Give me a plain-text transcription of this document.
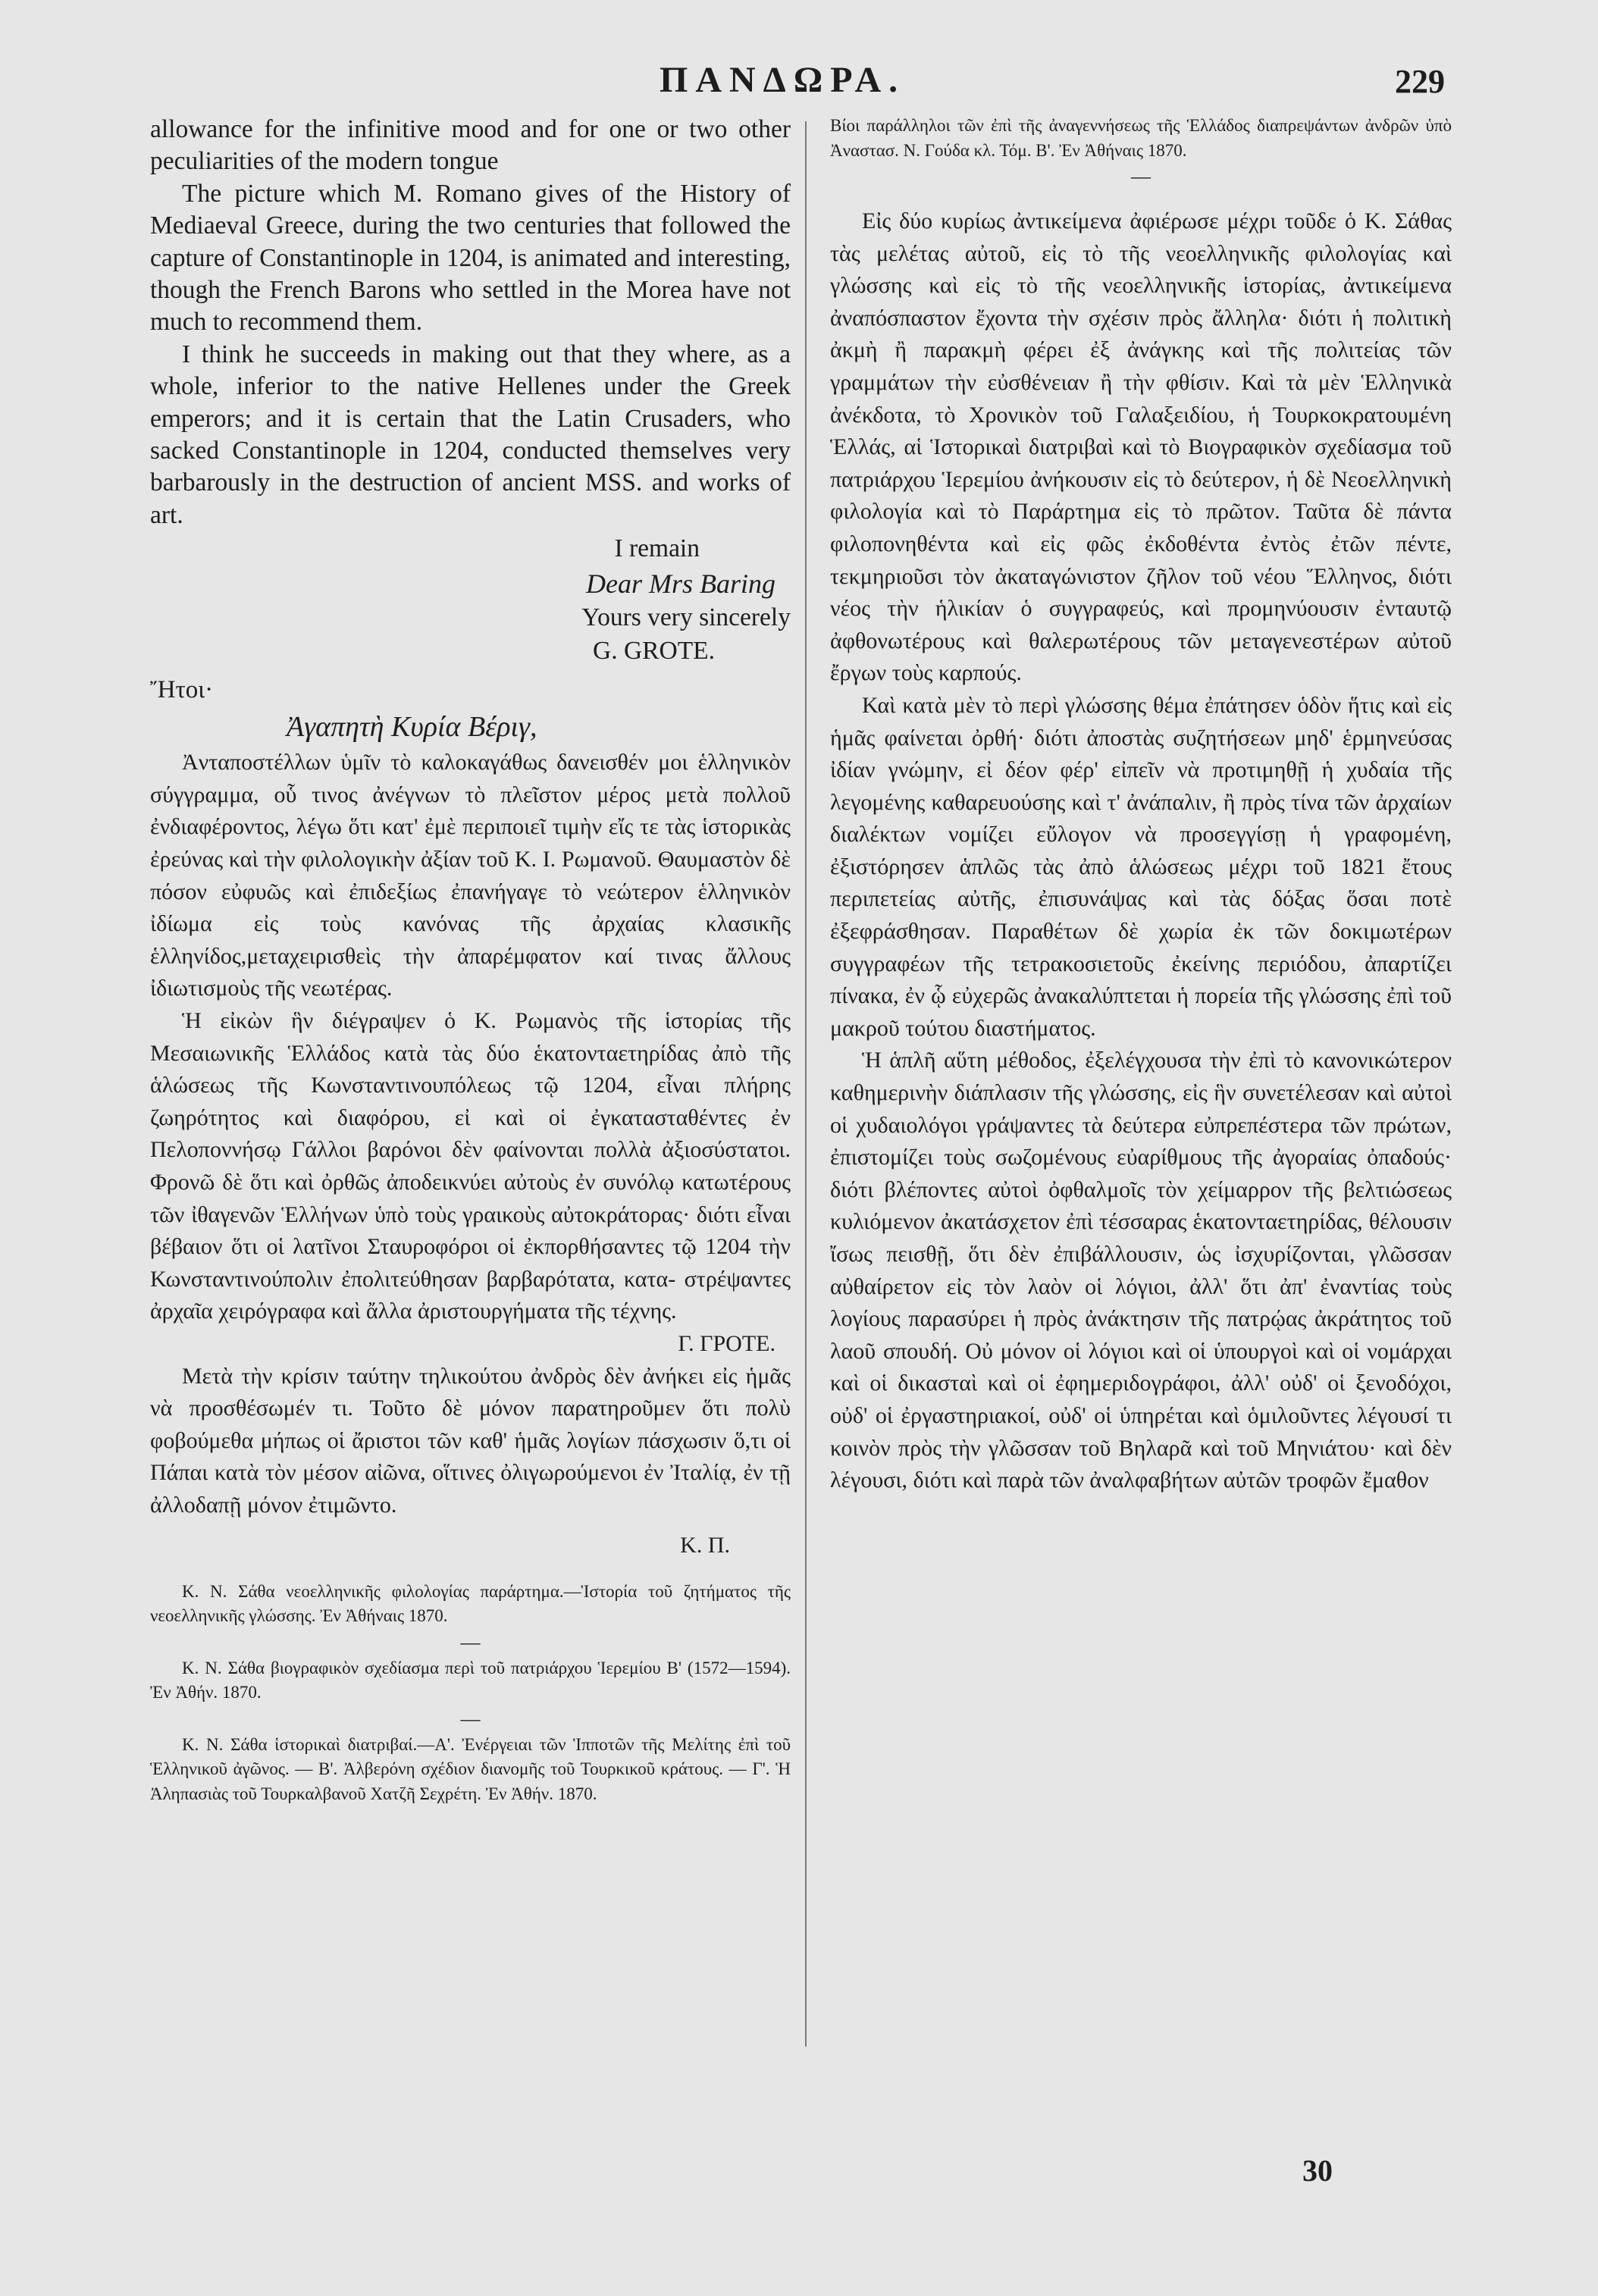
ΠΑΝΔΩΡΑ.	229

allowance for the infinitive mood and for one or two other peculiarities of the modern tongue

The picture which M. Romano gives of the History of Mediaeval Greece, during the two centuries that followed the capture of Constantinople in 1204, is animated and interesting, though the French Barons who settled in the Morea have not much to recommend them.

I think he succeeds in making out that they where, as a whole, inferior to the native Hellenes under the Greek emperors; and it is certain that the Latin Crusaders, who sacked Constantinople in 1204, conducted themselves very barbarously in the destruction of ancient MSS. and works of art.

I remain
Dear Mrs Baring
Yours very sincerely
G. GROTE.
Ἤτοι·
Ἀγαπητὴ Κυρία Βέριγ,

Ἀνταποστέλλων ὑμῖν τὸ καλοκαγάθως δανεισθέν μοι ἑλληνικὸν σύγγραμμα, οὗ τινος ἀνέγνων τὸ πλεῖστον μέρος μετὰ πολλοῦ ἐνδιαφέροντος, λέγω ὅτι κατ' ἐμὲ περιποιεῖ τιμὴν εἴς τε τὰς ἱστορικὰς ἐρεύνας καὶ τὴν φιλολογικὴν ἀξίαν τοῦ Κ. Ι. Ρωμανοῦ. Θαυμαστὸν δὲ πόσον εὐφυῶς καὶ ἐπιδεξίως ἐπανήγαγε τὸ νεώτερον ἑλληνικὸν ἰδίωμα εἰς τοὺς κανόνας τῆς ἀρχαίας κλασικῆς ἑλληνίδος,μεταχειρισθεὶς τὴν ἀπαρέμφατον καί τινας ἄλλους ἰδιωτισμοὺς τῆς νεωτέρας.

Ἡ εἰκὼν ἣν διέγραψεν ὁ Κ. Ρωμανὸς τῆς ἱστορίας τῆς Μεσαιωνικῆς Ἑλλάδος κατὰ τὰς δύο ἑκατονταετηρίδας ἀπὸ τῆς ἁλώσεως τῆς Κωνσταντινουπόλεως τῷ 1204, εἶναι πλήρης ζωηρότητος καὶ διαφόρου, εἰ καὶ οἱ ἐγκατασταθέντες ἐν Πελοποννήσῳ Γάλλοι βαρόνοι δὲν φαίνονται πολλὰ ἀξιοσύστατοι. Φρονῶ δὲ ὅτι καὶ ὀρθῶς ἀποδεικνύει αὐτοὺς ἐν συνόλῳ κατωτέρους τῶν ἰθαγενῶν Ἑλλήνων ὑπὸ τοὺς γραικοὺς αὐτοκράτορας· διότι εἶναι βέβαιον ὅτι οἱ λατῖνοι Σταυροφόροι οἱ ἐκπορθήσαντες τῷ 1204 τὴν Κωνσταντινούπολιν ἐπολιτεύθησαν βαρβαρότατα, κατα- στρέψαντες ἀρχαῖα χειρόγραφα καὶ ἄλλα ἀριστουργήματα τῆς τέχνης.

Γ. ΓΡΟΤΕ.

Μετὰ τὴν κρίσιν ταύτην τηλικούτου ἀνδρὸς δὲν ἀνήκει εἰς ἡμᾶς νὰ προσθέσωμέν τι. Τοῦτο δὲ μόνον παρατηροῦμεν ὅτι πολὺ φοβούμεθα μήπως οἱ ἄριστοι τῶν καθ' ἡμᾶς λογίων πάσχωσιν ὅ,τι οἱ Πάπαι κατὰ τὸν μέσον αἰῶνα, οἵτινες ὀλιγωρούμενοι ἐν Ἰταλίᾳ, ἐν τῇ ἀλλοδαπῇ μόνον ἐτιμῶντο.

Κ. Π.

Κ. Ν. Σάθα νεοελληνικῆς φιλολογίας παράρτημα.—Ἱστορία τοῦ ζητήματος τῆς νεοελληνικῆς γλώσσης. Ἐν Ἀθήναις 1870.

—

Κ. Ν. Σάθα βιογραφικὸν σχεδίασμα περὶ τοῦ πατριάρχου Ἱερεμίου Β' (1572—1594). Ἐν Ἀθήν. 1870.

—

Κ. Ν. Σάθα ἱστορικαὶ διατριβαί.—Α'. Ἐνέργειαι τῶν Ἱπποτῶν τῆς Μελίτης ἐπὶ τοῦ Ἑλληνικοῦ ἀγῶνος. — Β'. Ἀλβερόνη σχέδιον διανομῆς τοῦ Τουρκικοῦ κράτους. — Γ'. Ἡ Ἀληπασιὰς τοῦ Τουρκαλβανοῦ Χατζῆ Σεχρέτη. Ἐν Ἀθήν. 1870.

Βίοι παράλληλοι τῶν ἐπὶ τῆς ἀναγεννήσεως τῆς Ἑλλάδος διαπρεψάντων ἀνδρῶν ὑπὸ Ἀναστασ. Ν. Γούδα κλ. Τόμ. Β'. Ἐν Ἀθήναις 1870.

—

Εἰς δύο κυρίως ἀντικείμενα ἀφιέρωσε μέχρι τοῦδε ὁ Κ. Σάθας τὰς μελέτας αὐτοῦ, εἰς τὸ τῆς νεοελληνικῆς φιλολογίας καὶ γλώσσης καὶ εἰς τὸ τῆς νεοελληνικῆς ἱστορίας, ἀντικείμενα ἀναπόσπαστον ἔχοντα τὴν σχέσιν πρὸς ἄλληλα· διότι ἡ πολιτικὴ ἀκμὴ ἢ παρακμὴ φέρει ἐξ ἀνάγκης καὶ τῆς πολιτείας τῶν γραμμάτων τὴν εὐσθένειαν ἢ τὴν φθίσιν. Καὶ τὰ μὲν Ἑλληνικὰ ἀνέκδοτα, τὸ Χρονικὸν τοῦ Γαλαξειδίου, ἡ Τουρκοκρατουμένη Ἑλλάς, αἱ Ἱστορικαὶ διατριβαὶ καὶ τὸ Βιογραφικὸν σχεδίασμα τοῦ πατριάρχου Ἱερεμίου ἀνήκουσιν εἰς τὸ δεύτερον, ἡ δὲ Νεοελληνικὴ φιλολογία καὶ τὸ Παράρτημα εἰς τὸ πρῶτον. Ταῦτα δὲ πάντα φιλοπονηθέντα καὶ εἰς φῶς ἐκδοθέντα ἐντὸς ἐτῶν πέντε, τεκμηριοῦσι τὸν ἀκαταγώνιστον ζῆλον τοῦ νέου Ἕλληνος, διότι νέος τὴν ἡλικίαν ὁ συγγραφεύς, καὶ προμηνύουσιν ἐνταυτῷ ἀφθονωτέρους καὶ θαλερωτέρους τῶν μεταγενεστέρων αὐτοῦ ἔργων τοὺς καρπούς.

Καὶ κατὰ μὲν τὸ περὶ γλώσσης θέμα ἐπάτησεν ὁδὸν ἥτις καὶ εἰς ἡμᾶς φαίνεται ὀρθή· διότι ἀποστὰς συζητήσεων μηδ' ἑρμηνεύσας ἰδίαν γνώμην, εἰ δέον φέρ' εἰπεῖν νὰ προτιμηθῇ ἡ χυδαία τῆς λεγομένης καθαρευούσης καὶ τ' ἀνάπαλιν, ἢ πρὸς τίνα τῶν ἀρχαίων διαλέκτων νομίζει εὔλογον νὰ προσεγγίσῃ ἡ γραφομένη, ἐξιστόρησεν ἁπλῶς τὰς ἀπὸ ἁλώσεως μέχρι τοῦ 1821 ἔτους περιπετείας αὐτῆς, ἐπισυνάψας καὶ τὰς δόξας ὅσαι ποτὲ ἐξεφράσθησαν. Παραθέτων δὲ χωρία ἐκ τῶν δοκιμωτέρων συγγραφέων τῆς τετρακοσιετοῦς ἐκείνης περιόδου, ἀπαρτίζει πίνακα, ἐν ᾧ εὐχερῶς ἀνακαλύπτεται ἡ πορεία τῆς γλώσσης ἐπὶ τοῦ μακροῦ τούτου διαστήματος.

Ἡ ἁπλῆ αὕτη μέθοδος, ἐξελέγχουσα τὴν ἐπὶ τὸ κανονικώτερον καθημερινὴν διάπλασιν τῆς γλώσσης, εἰς ἣν συνετέλεσαν καὶ αὐτοὶ οἱ χυδαιολόγοι γράψαντες τὰ δεύτερα εὐπρεπέστερα τῶν πρώτων, ἐπιστομίζει τοὺς σωζομένους εὐαρίθμους τῆς ἀγοραίας ὀπαδούς· διότι βλέποντες αὐτοὶ ὀφθαλμοῖς τὸν χείμαρρον τῆς βελτιώσεως κυλιόμενον ἀκατάσχετον ἐπὶ τέσσαρας ἑκατονταετηρίδας, θέλουσιν ἴσως πεισθῇ, ὅτι δὲν ἐπιβάλλουσιν, ὡς ἰσχυρίζονται, γλῶσσαν αὐθαίρετον εἰς τὸν λαὸν οἱ λόγιοι, ἀλλ' ὅτι ἀπ' ἐναντίας τοὺς λογίους παρασύρει ἡ πρὸς ἀνάκτησιν τῆς πατρῴας ἀκράτητος τοῦ λαοῦ σπουδή. Οὐ μόνον οἱ λόγιοι καὶ οἱ ὑπουργοὶ καὶ οἱ νομάρχαι καὶ οἱ δικασταὶ καὶ οἱ ἐφημεριδογράφοι, ἀλλ' οὐδ' οἱ ξενοδόχοι, οὐδ' οἱ ἐργαστηριακοί, οὐδ' οἱ ὑπηρέται καὶ ὁμιλοῦντες λέγουσί τι κοινὸν πρὸς τὴν γλῶσσαν τοῦ Βηλαρᾶ καὶ τοῦ Μηνιάτου· καὶ δὲν λέγουσι, διότι καὶ παρὰ τῶν ἀναλφαβήτων αὐτῶν τροφῶν ἔμαθον

30
